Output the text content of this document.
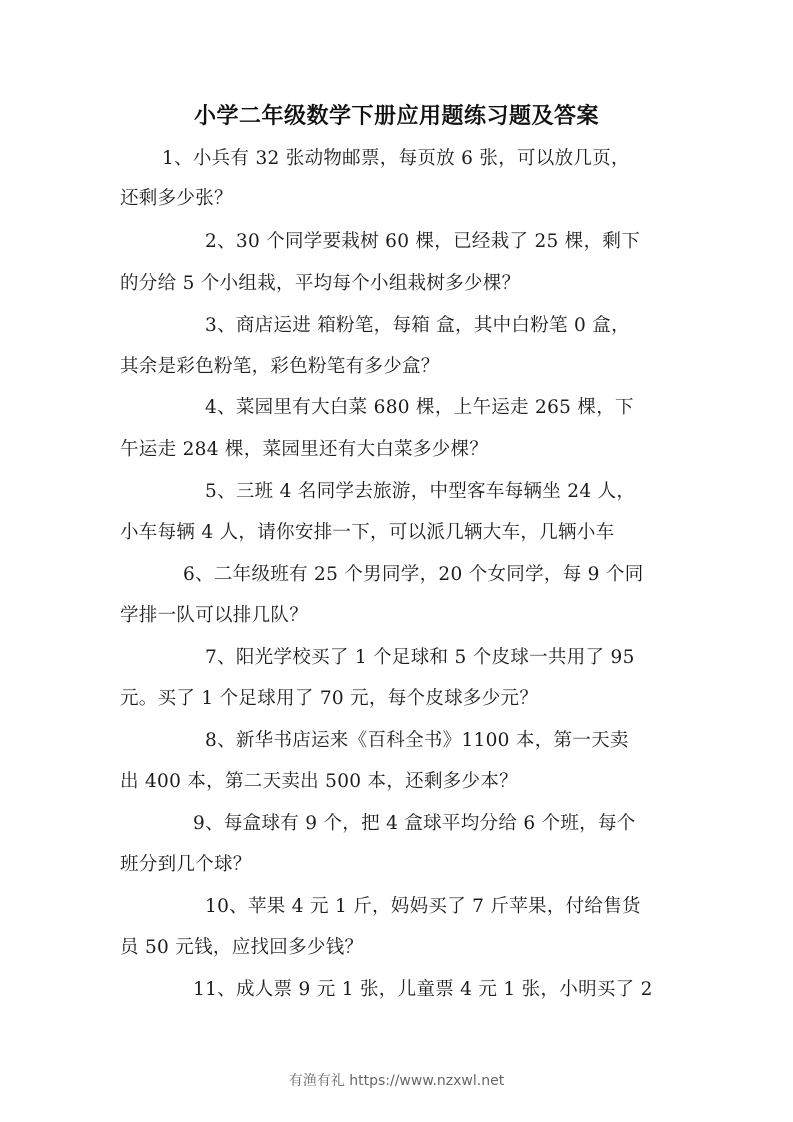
小学二年级数学下册应用题练习题及答案
1、小兵有 32 张动物邮票，每页放 6 张，可以放几页，
还剩多少张？
2、30 个同学要栽树 60 棵，已经栽了 25 棵，剩下
的分给 5 个小组栽，平均每个小组栽树多少棵？
3、商店运进 箱粉笔，每箱 盒，其中白粉笔 0 盒，
其余是彩色粉笔，彩色粉笔有多少盒？
4、菜园里有大白菜 680 棵，上午运走 265 棵，下
午运走 284 棵，菜园里还有大白菜多少棵？
5、三班 4 名同学去旅游，中型客车每辆坐 24 人，
小车每辆 4 人，请你安排一下，可以派几辆大车，几辆小车
6、二年级班有 25 个男同学，20 个女同学，每 9 个同
学排一队可以排几队？
7、阳光学校买了 1 个足球和 5 个皮球一共用了 95
元。买了 1 个足球用了 70 元，每个皮球多少元？
8、新华书店运来《百科全书》1100 本，第一天卖
出 400 本，第二天卖出 500 本，还剩多少本？
9、每盒球有 9 个，把 4 盒球平均分给 6 个班，每个
班分到几个球？
10、苹果 4 元 1 斤，妈妈买了 7 斤苹果，付给售货
员 50 元钱，应找回多少钱？
11、成人票 9 元 1 张，儿童票 4 元 1 张，小明买了 2
有渔有礼 https://www.nzxwl.net
